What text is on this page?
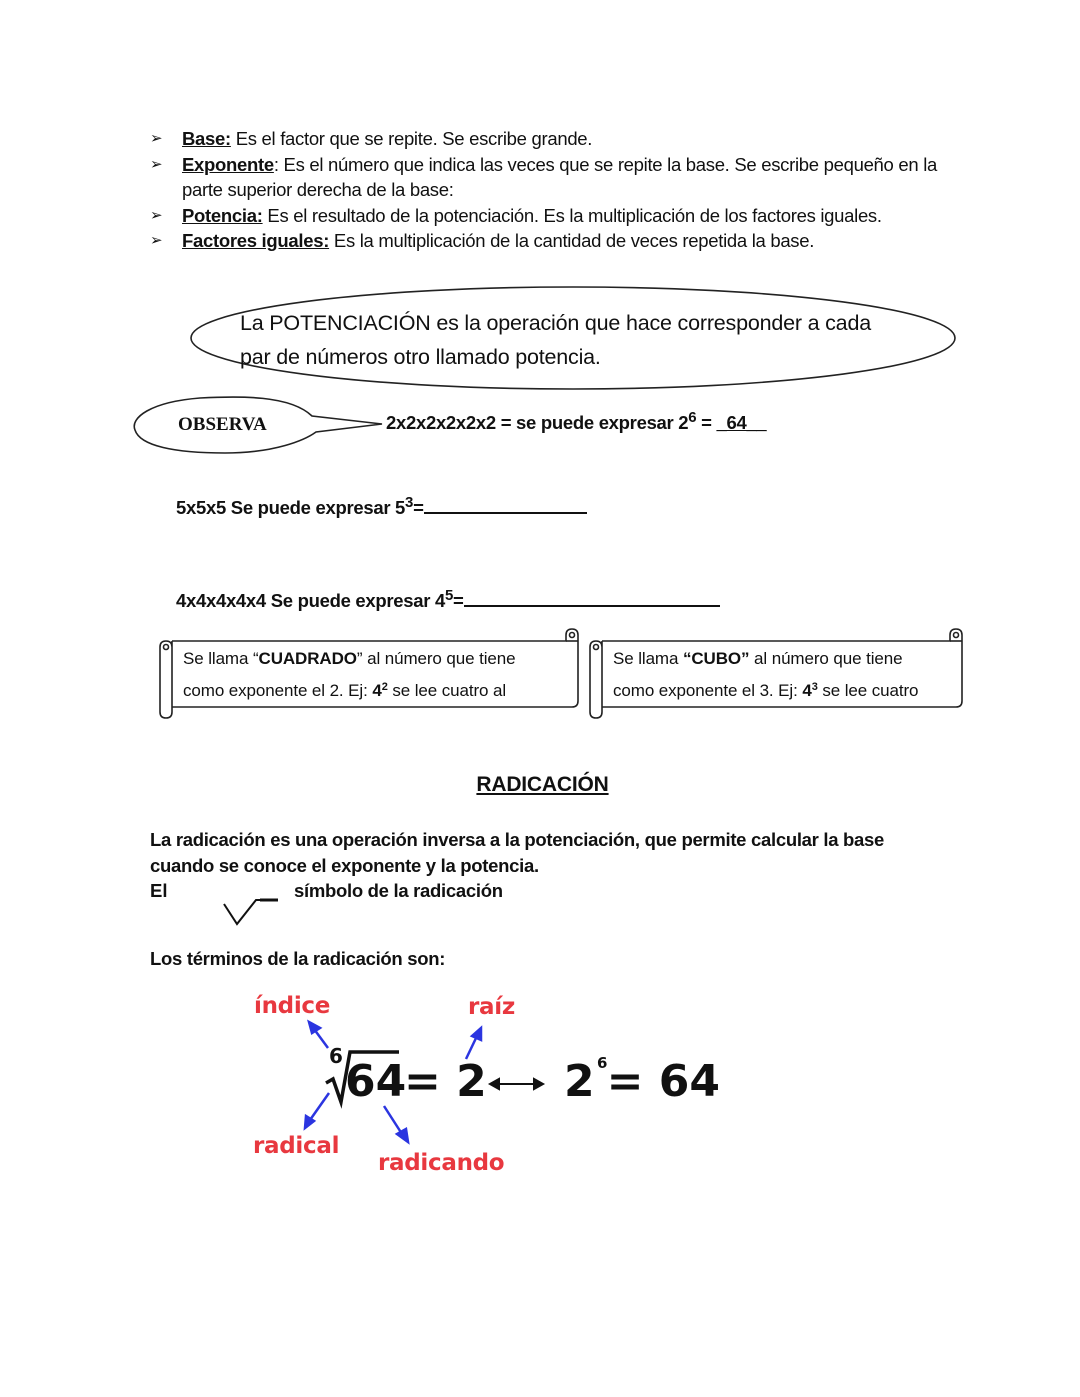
➢ Base: Es el factor que se repite. Se escribe grande.
➢ Exponente: Es el número que indica las veces que se repite la base. Se escribe pequeño en la parte superior derecha de la base:
➢ Potencia: Es el resultado de la potenciación. Es la multiplicación de los factores iguales.
➢ Factores iguales: Es la multiplicación de la cantidad de veces repetida la base.
La POTENCIACIÓN es la operación que hace corresponder a cada
par de números otro llamado potencia.
OBSERVA	2x2x2x2x2x2 = se puede expresar $2^6$ = _64__
5x5x5 Se puede expresar $5^3=$
4x4x4x4x4 Se puede expresar $4^5=$
Se llama “CUADRADO” al número que tiene
como exponente el 2. Ej: $4^2$ se lee cuatro al
Se llama “CUBO” al número que tiene
como exponente el 3. Ej: $4^3$ se lee cuatro
RADICACIÓN
La radicación es una operación inversa a la potenciación, que permite calcular la base cuando se conoce el exponente y la potencia.
El	símbolo de la radicación
Los términos de la radicación son:
índice	raíz
radical
radicando
6 64
= 2 2 = 64
6
